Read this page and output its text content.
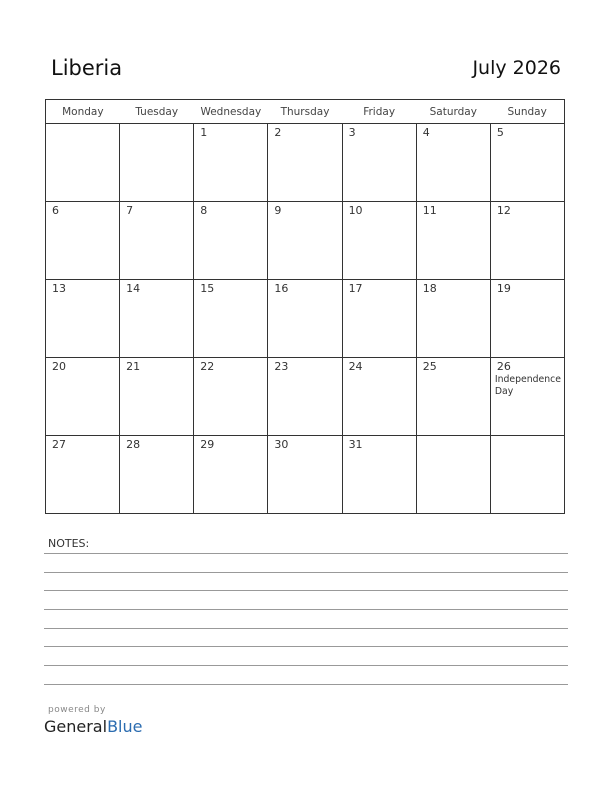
Liberia	July 2026
Monday	Tuesday	Wednesday	Thursday	Friday	Saturday	Sunday

		1	2	3	4	5

6	7	8	9	10	11	12

13	14	15	16	17	18	19

20	21	22	23	24	25	26
Independence Day

27	28	29	30	31		

NOTES:
powered by
GeneralBlue
